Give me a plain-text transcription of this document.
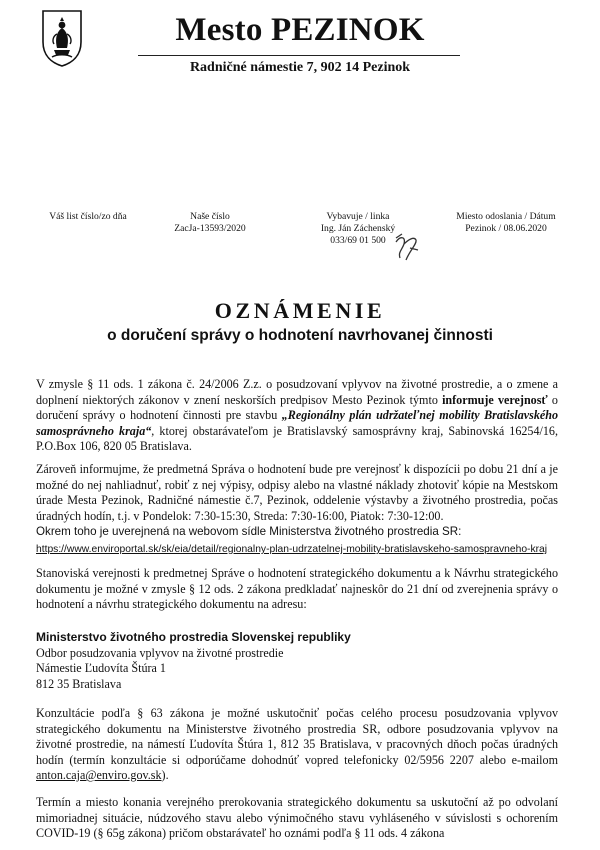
Mesto PEZINOK
Radničné námestie 7, 902 14 Pezinok
Váš list číslo/zo dňa	Naše číslo
ZacJa-13593/2020
Vybavuje / linka
Ing. Ján Záchenský
033/69 01 500
Miesto odoslania / Dátum
Pezinok / 08.06.2020
OZNÁMENIE
o doručení správy o hodnotení navrhovanej činnosti
V zmysle § 11 ods. 1 zákona č. 24/2006 Z.z. o posudzovaní vplyvov na životné prostredie, a o zmene a doplnení niektorých zákonov v znení neskorších predpisov Mesto Pezinok týmto informuje verejnosť o doručení správy o hodnotení činnosti pre stavbu „Regionálny plán udržateľnej mobility Bratislavského samosprávneho kraja“, ktorej obstarávateľom je Bratislavský samosprávny kraj, Sabinovská 16254/16, P.O.Box 106, 820 05 Bratislava.
Zároveň informujme, že predmetná Správa o hodnotení bude pre verejnosť k dispozícii po dobu 21 dní a je možné do nej nahliadnuť, robiť z nej výpisy, odpisy alebo na vlastné náklady zhotoviť kópie na Mestskom úrade Mesta Pezinok, Radničné námestie č.7, Pezinok, oddelenie výstavby a životného prostredia, počas úradných hodín, t.j. v Pondelok: 7:30-15:30, Streda: 7:30-16:00, Piatok: 7:30-12:00.
Okrem toho je uverejnená na webovom sídle Ministerstva životného prostredia SR:
https://www.enviroportal.sk/sk/eia/detail/regionalny-plan-udrzatelnej-mobility-bratislavskeho-samospravneho-kraj
Stanoviská verejnosti k predmetnej Správe o hodnotení strategického dokumentu a k Návrhu strategického dokumentu je možné v zmysle § 12 ods. 2 zákona predkladať najneskôr do 21 dní od zverejnenia správy o hodnotení a návrhu strategického dokumentu na adresu:
Ministerstvo životného prostredia Slovenskej republiky
Odbor posudzovania vplyvov na životné prostredie
Námestie Ľudovíta Štúra 1
812 35 Bratislava
Konzultácie podľa § 63 zákona je možné uskutočniť počas celého procesu posudzovania vplyvov strategického dokumentu na Ministerstve životného prostredia SR, odbore posudzovania vplyvov na životné prostredie, na námestí Ľudovíta Štúra 1, 812 35 Bratislava, v pracovných dňoch počas úradných hodín (termín konzultácie si odporúčame dohodnúť vopred telefonicky 02/5956 2207 alebo e-mailom anton.caja@enviro.gov.sk).
Termín a miesto konania verejného prerokovania strategického dokumentu sa uskutoční až po odvolaní mimoriadnej situácie, núdzového stavu alebo výnimočného stavu vyhláseného v súvislosti s ochorením COVID-19 (§ 65g zákona) pričom obstarávateľ ho oznámi podľa § 11 ods. 4 zákona
